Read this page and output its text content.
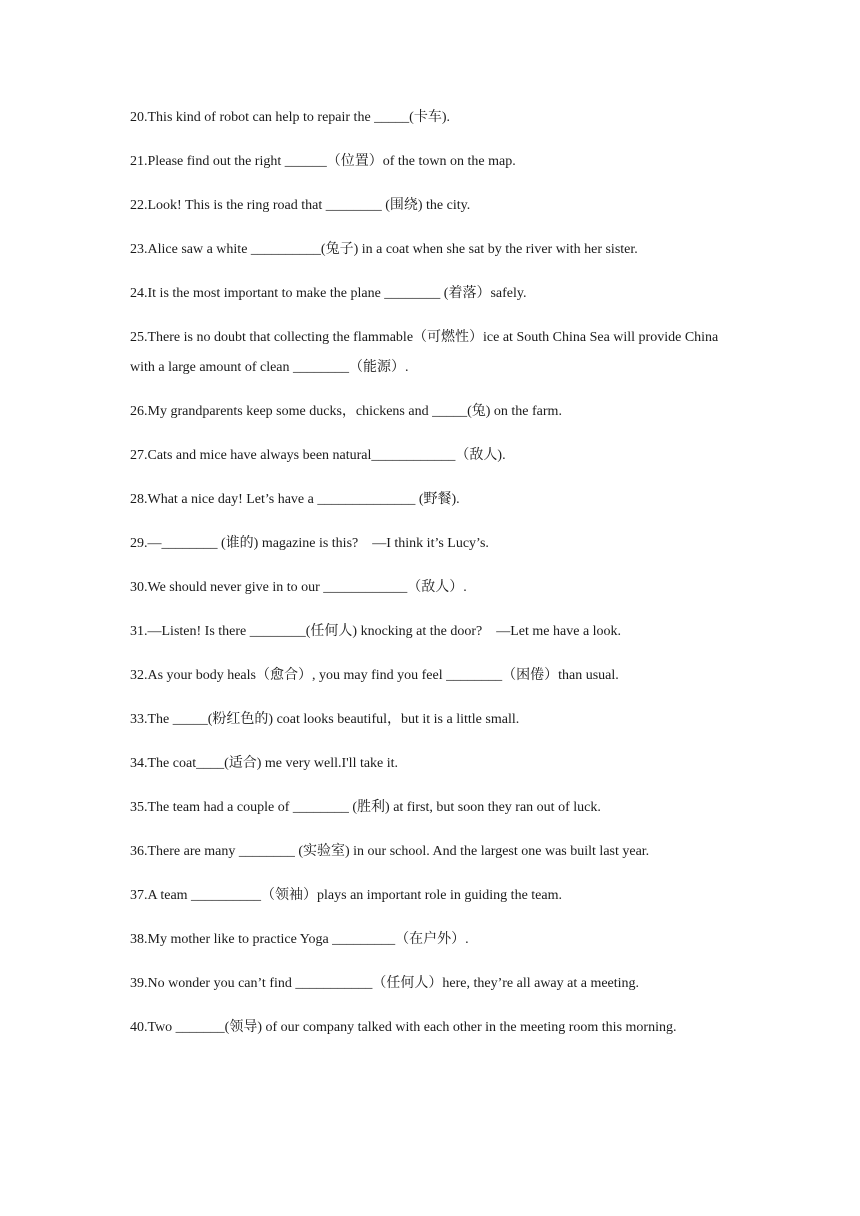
20.This kind of robot can help to repair the _____(卡车).

21.Please find out the right ______（位置）of the town on the map.

22.Look! This is the ring road that ________ (围绕) the city.

23.Alice saw a white __________(兔子) in a coat when she sat by the river with her sister.

24.It is the most important to make the plane ________ (着落）safely.

25.There is no doubt that collecting the flammable（可燃性）ice at South China Sea will provide China with a large amount of clean ________（能源）.

26.My grandparents keep some ducks，chickens and _____(兔) on the farm.

27.Cats and mice have always been natural____________（敌人).

28.What a nice day! Let’s have a ______________ (野餐).

29.—________ (谁的) magazine is this?    —I think it’s Lucy’s.

30.We should never give in to our ____________（敌人）.

31.—Listen! Is there ________(任何人) knocking at the door?    —Let me have a look.

32.As your body heals（愈合）, you may find you feel ________（困倦）than usual.

33.The _____(粉红色的) coat looks beautiful，but it is a little small.

34.The coat____(适合) me very well.I'll take it.

35.The team had a couple of ________ (胜利) at first, but soon they ran out of luck.

36.There are many ________ (实验室) in our school. And the largest one was built last year.

37.A team __________（领袖）plays an important role in guiding the team.

38.My mother like to practice Yoga _________（在户外）.

39.No wonder you can’t find ___________（任何人）here, they’re all away at a meeting.

40.Two _______(领导) of our company talked with each other in the meeting room this morning.
